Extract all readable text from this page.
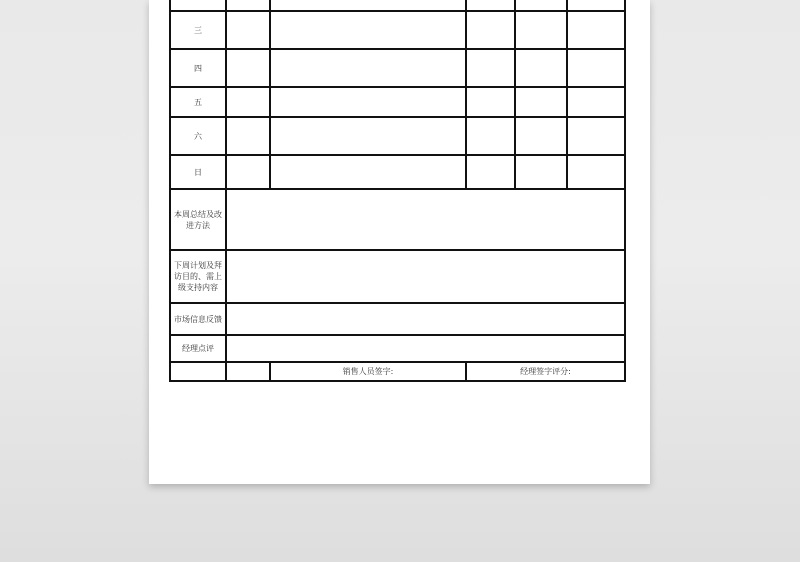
三					
四					
五					
六					
日					
本周总结及改进方法					
下周计划及拜访目的、需上级支持内容					
市场信息反馈					
经理点评					
		销售人员签字:	经理签字评分:		
